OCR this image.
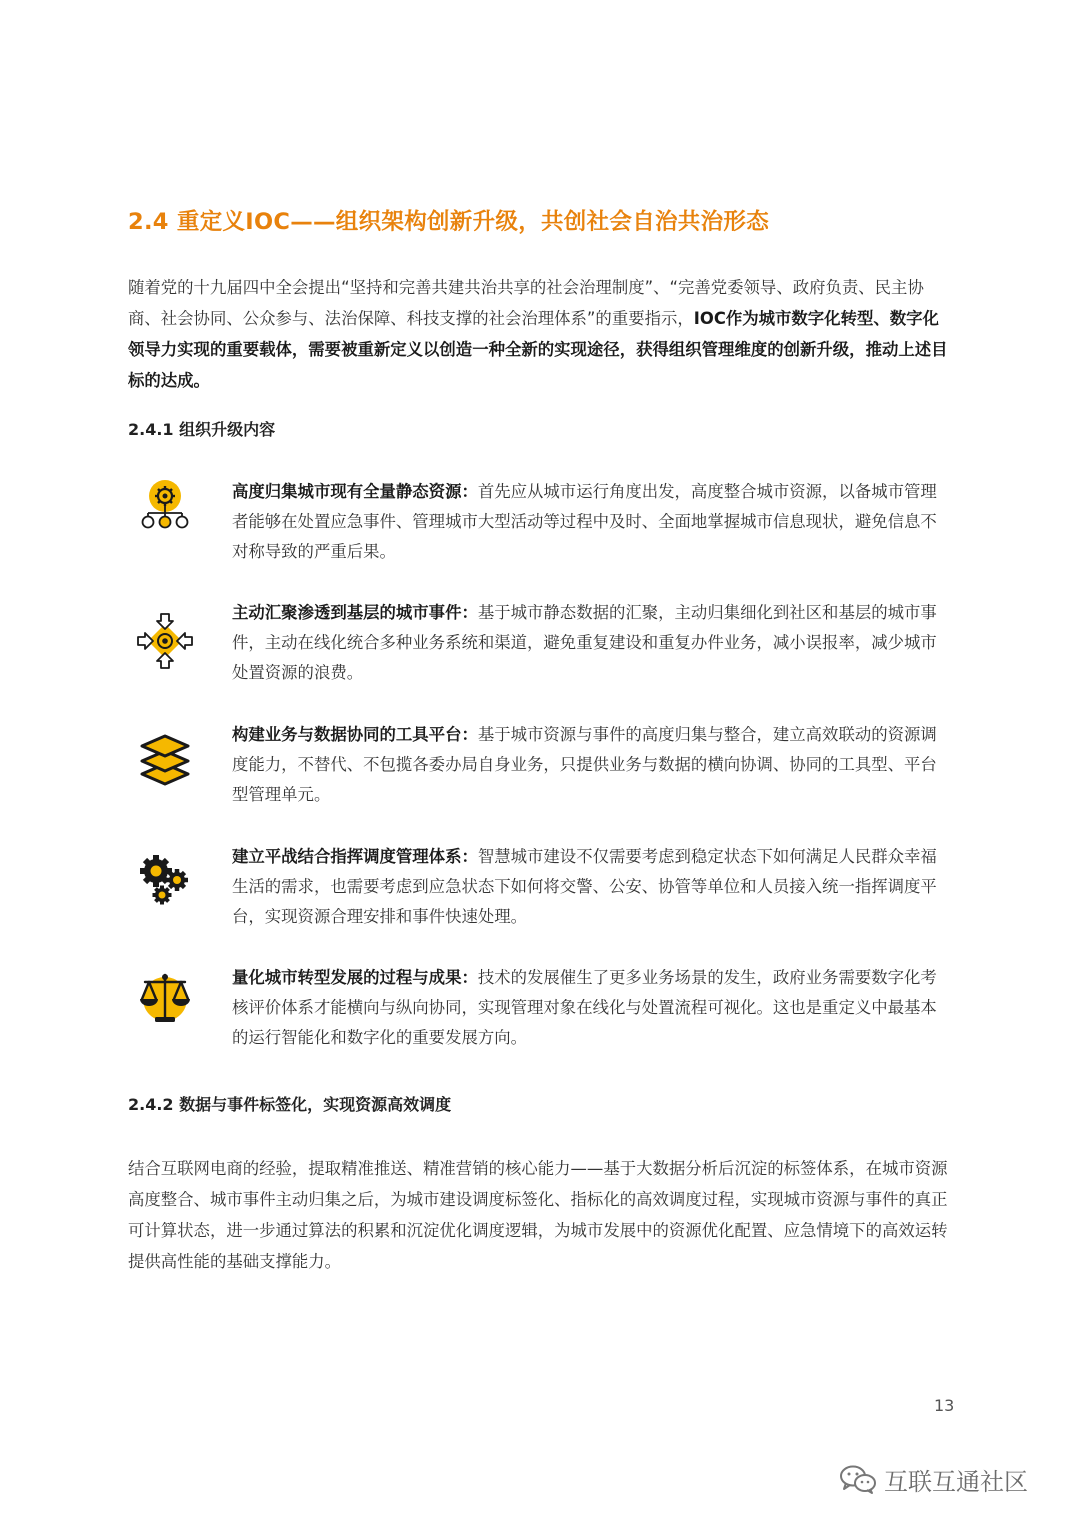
2.4 重定义IOC——组织架构创新升级，共创社会自治共治形态

随着党的十九届四中全会提出“坚持和完善共建共治共享的社会治理制度”、“完善党委领导、政府负责、民主协商、社会协同、公众参与、法治保障、科技支撑的社会治理体系”的重要指示，IOC作为城市数字化转型、数字化领导力实现的重要载体，需要被重新定义以创造一种全新的实现途径，获得组织管理维度的创新升级，推动上述目标的达成。

2.4.1 组织升级内容

高度归集城市现有全量静态资源：首先应从城市运行角度出发，高度整合城市资源，以备城市管理者能够在处置应急事件、管理城市大型活动等过程中及时、全面地掌握城市信息现状，避免信息不对称导致的严重后果。

主动汇聚渗透到基层的城市事件：基于城市静态数据的汇聚，主动归集细化到社区和基层的城市事件，主动在线化统合多种业务系统和渠道，避免重复建设和重复办件业务，减小误报率，减少城市处置资源的浪费。

构建业务与数据协同的工具平台：基于城市资源与事件的高度归集与整合，建立高效联动的资源调度能力，不替代、不包揽各委办局自身业务，只提供业务与数据的横向协调、协同的工具型、平台型管理单元。

建立平战结合指挥调度管理体系：智慧城市建设不仅需要考虑到稳定状态下如何满足人民群众幸福生活的需求，也需要考虑到应急状态下如何将交警、公安、协管等单位和人员接入统一指挥调度平台，实现资源合理安排和事件快速处理。

量化城市转型发展的过程与成果：技术的发展催生了更多业务场景的发生，政府业务需要数字化考核评价体系才能横向与纵向协同，实现管理对象在线化与处置流程可视化。这也是重定义中最基本的运行智能化和数字化的重要发展方向。

2.4.2 数据与事件标签化，实现资源高效调度

结合互联网电商的经验，提取精准推送、精准营销的核心能力——基于大数据分析后沉淀的标签体系，在城市资源高度整合、城市事件主动归集之后，为城市建设调度标签化、指标化的高效调度过程，实现城市资源与事件的真正可计算状态，进一步通过算法的积累和沉淀优化调度逻辑，为城市发展中的资源优化配置、应急情境下的高效运转提供高性能的基础支撑能力。

13
互联互通社区
